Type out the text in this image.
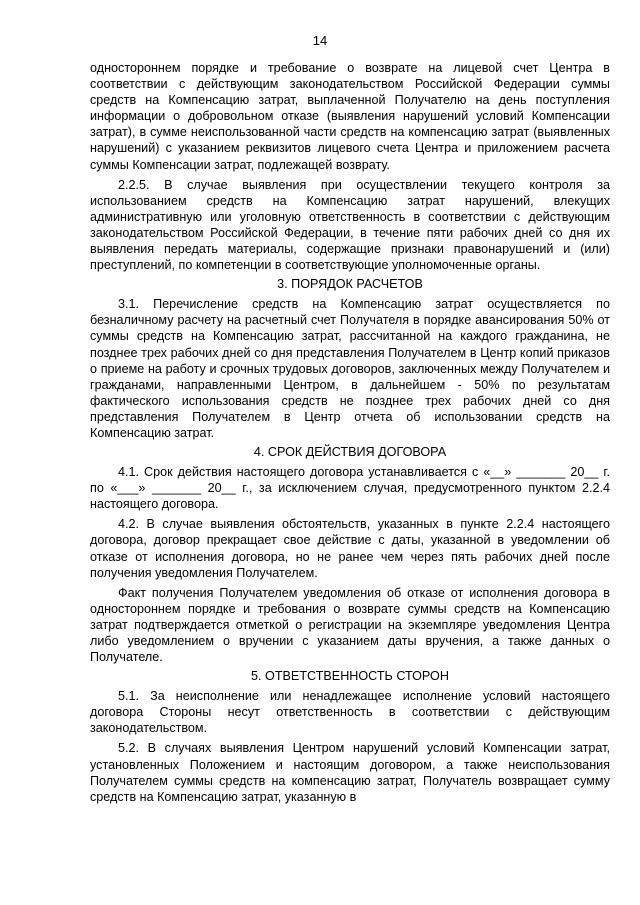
14

одностороннем порядке и требование о возврате на лицевой счет Центра в соответствии с действующим законодательством Российской Федерации суммы средств на Компенсацию затрат, выплаченной Получателю на день поступления информации о добровольном отказе (выявления нарушений условий Компенсации затрат), в сумме неиспользованной части средств на компенсацию затрат (выявленных нарушений) с указанием реквизитов лицевого счета Центра и приложением расчета суммы Компенсации затрат, подлежащей возврату.

2.2.5. В случае выявления при осуществлении текущего контроля за использованием средств на Компенсацию затрат нарушений, влекущих административную или уголовную ответственность в соответствии с действующим законодательством Российской Федерации, в течение пяти рабочих дней со дня их выявления передать материалы, содержащие признаки правонарушений и (или) преступлений, по компетенции в соответствующие уполномоченные органы.

3. ПОРЯДОК РАСЧЕТОВ

3.1. Перечисление средств на Компенсацию затрат осуществляется по безналичному расчету на расчетный счет Получателя в порядке авансирования 50% от суммы средств на Компенсацию затрат, рассчитанной на каждого гражданина, не позднее трех рабочих дней со дня представления Получателем в Центр копий приказов о приеме на работу и срочных трудовых договоров, заключенных между Получателем и гражданами, направленными Центром, в дальнейшем - 50% по результатам фактического использования средств не позднее трех рабочих дней со дня представления Получателем в Центр отчета об использовании средств на Компенсацию затрат.

4. СРОК ДЕЙСТВИЯ ДОГОВОРА

4.1. Срок действия настоящего договора устанавливается с «__» _______ 20__ г. по «___» _______ 20__ г., за исключением случая, предусмотренного пунктом 2.2.4 настоящего договора.

4.2. В случае выявления обстоятельств, указанных в пункте 2.2.4 настоящего договора, договор прекращает свое действие с даты, указанной в уведомлении об отказе от исполнения договора, но не ранее чем через пять рабочих дней после получения уведомления Получателем.

Факт получения Получателем уведомления об отказе от исполнения договора в одностороннем порядке и требования о возврате суммы средств на Компенсацию затрат подтверждается отметкой о регистрации на экземпляре уведомления Центра либо уведомлением о вручении с указанием даты вручения, а также данных о Получателе.

5. ОТВЕТСТВЕННОСТЬ СТОРОН

5.1. За неисполнение или ненадлежащее исполнение условий настоящего договора Стороны несут ответственность в соответствии с действующим законодательством.

5.2. В случаях выявления Центром нарушений условий Компенсации затрат, установленных Положением и настоящим договором, а также неиспользования Получателем суммы средств на компенсацию затрат, Получатель возвращает сумму средств на Компенсацию затрат, указанную в
